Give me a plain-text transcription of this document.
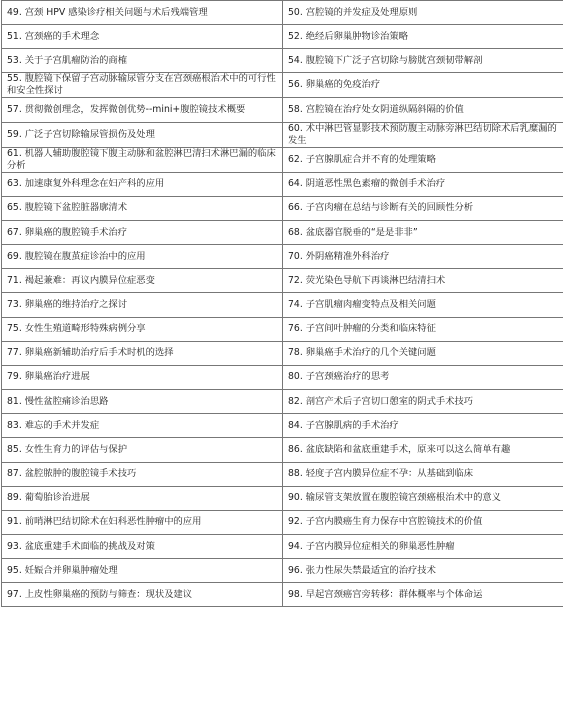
49. 宫颈 HPV 感染诊疗相关问题与术后残端管理	50. 宫腔镜的并发症及处理原则
51. 宫颈癌的手术理念	52. 绝经后卵巢肿物诊治策略
53. 关于子宫肌瘤防治的商榷	54. 腹腔镜下广泛子宫切除与膀胱宫颈韧带解剖
55. 腹腔镜下保留子宫动脉输尿管分支在宫颈癌根治术中的可行性和安全性探讨	56. 卵巢癌的免疫治疗
57. 贯彻微创理念，发挥微创优势--mini+腹腔镜技术概要	58. 宫腔镜在治疗处女阴道纵隔斜隔的价值
59. 广泛子宫切除输尿管损伤及处理	60. 术中淋巴管显影技术预防腹主动脉旁淋巴结切除术后乳糜漏的发生
61. 机器人辅助腹腔镜下腹主动脉和盆腔淋巴清扫术淋巴漏的临床分析	62. 子宫腺肌症合并不育的处理策略
63. 加速康复外科理念在妇产科的应用	64. 阴道恶性黑色素瘤的微创手术治疗
65. 腹腔镜下盆腔脏器廓清术	66. 子宫肉瘤在总结与诊断有关的回顾性分析
67. 卵巢癌的腹腔镜手术治疗	68. 盆底器官脱垂的“是是非非”
69. 腹腔镜在腹茧症诊治中的应用	70. 外阴癌精准外科治疗
71. 褐起兼难：再议内膜异位症恶变	72. 荧光染色导航下再谈淋巴结清扫术
73. 卵巢癌的维持治疗之探讨	74. 子宫肌瘤肉瘤变特点及相关问题
75. 女性生殖道畸形特殊病例分享	76. 子宫间叶肿瘤的分类和临床特征
77. 卵巢癌新辅助治疗后手术时机的选择	78. 卵巢癌手术治疗的几个关键问题
79. 卵巢癌治疗进展	80. 子宫颈癌治疗的思考
81. 慢性盆腔痛诊治思路	82. 剖宫产术后子宫切口憩室的阴式手术技巧
83. 难忘的手术并发症	84. 子宫腺肌病的手术治疗
85. 女性生育力的评估与保护	86. 盆底缺陷和盆底重建手术，原来可以这么简单有趣
87. 盆腔脓肿的腹腔镜手术技巧	88. 轻度子宫内膜异位症不孕：从基础到临床
89. 葡萄胎诊治进展	90. 输尿管支架放置在腹腔镜宫颈癌根治术中的意义
91. 前哨淋巴结切除术在妇科恶性肿瘤中的应用	92. 子宫内膜癌生育力保存中宫腔镜技术的价值
93. 盆底重建手术面临的挑战及对策	94. 子宫内膜异位症相关的卵巢恶性肿瘤
95. 妊娠合并卵巢肿瘤处理	96. 张力性尿失禁最适宜的治疗技术
97. 上皮性卵巢癌的预防与筛查：现状及建议	98. 早起宫颈癌宫旁转移：群体概率与个体命运
